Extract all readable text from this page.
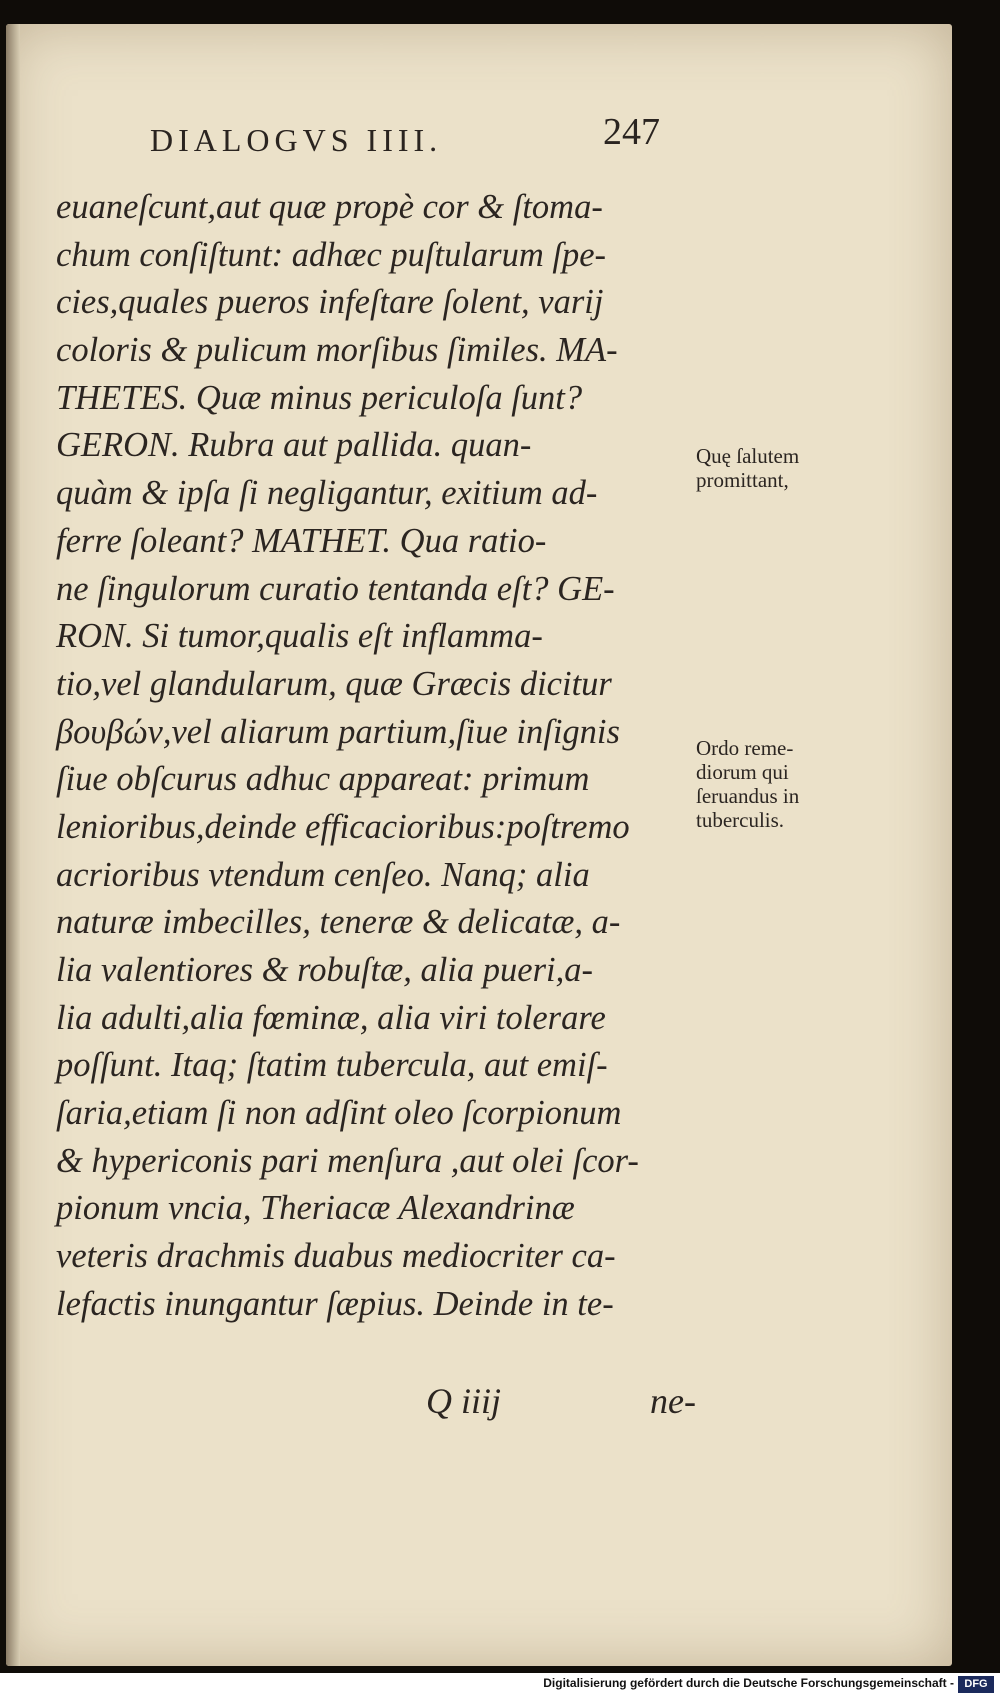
DIALOGVS IIII.	247
euaneſcunt,aut quæ propè cor & ſtoma-
chum conſiſtunt: adhæc puſtularum ſpe-
cies,quales pueros infeſtare ſolent, varij
coloris & pulicum morſibus ſimiles. MA-
THETES. Quæ minus periculoſa ſunt?
GERON. Rubra aut pallida. quan-
quàm & ipſa ſi negligantur, exitium ad-
ferre ſoleant? MATHET. Qua ratio-
ne ſingulorum curatio tentanda eſt? GE-
RON. Si tumor,qualis eſt inflamma-
tio,vel glandularum, quæ Græcis dicitur
βουβών,vel aliarum partium,ſiue inſignis
ſiue obſcurus adhuc appareat: primum
lenioribus,deinde efficacioribus:poſtremo
acrioribus vtendum cenſeo. Nanq; alia
naturæ imbecilles, teneræ & delicatæ, a-
lia valentiores & robuſtæ, alia pueri,a-
lia adulti,alia fœminæ, alia viri tolerare
poſſunt. Itaq; ſtatim tubercula, aut emiſ-
ſaria,etiam ſi non adſint oleo ſcorpionum
& hypericonis pari menſura ,aut olei ſcor-
pionum vncia, Theriacæ Alexandrinæ
veteris drachmis duabus mediocriter ca-
lefactis inungantur ſæpius. Deinde in te-
Q iiij	ne-
Quę ſalutem
promittant,
Ordo reme-
diorum qui
ſeruandus in
tuberculis.
Digitalisierung gefördert durch die Deutsche Forschungsgemeinschaft - DFG
